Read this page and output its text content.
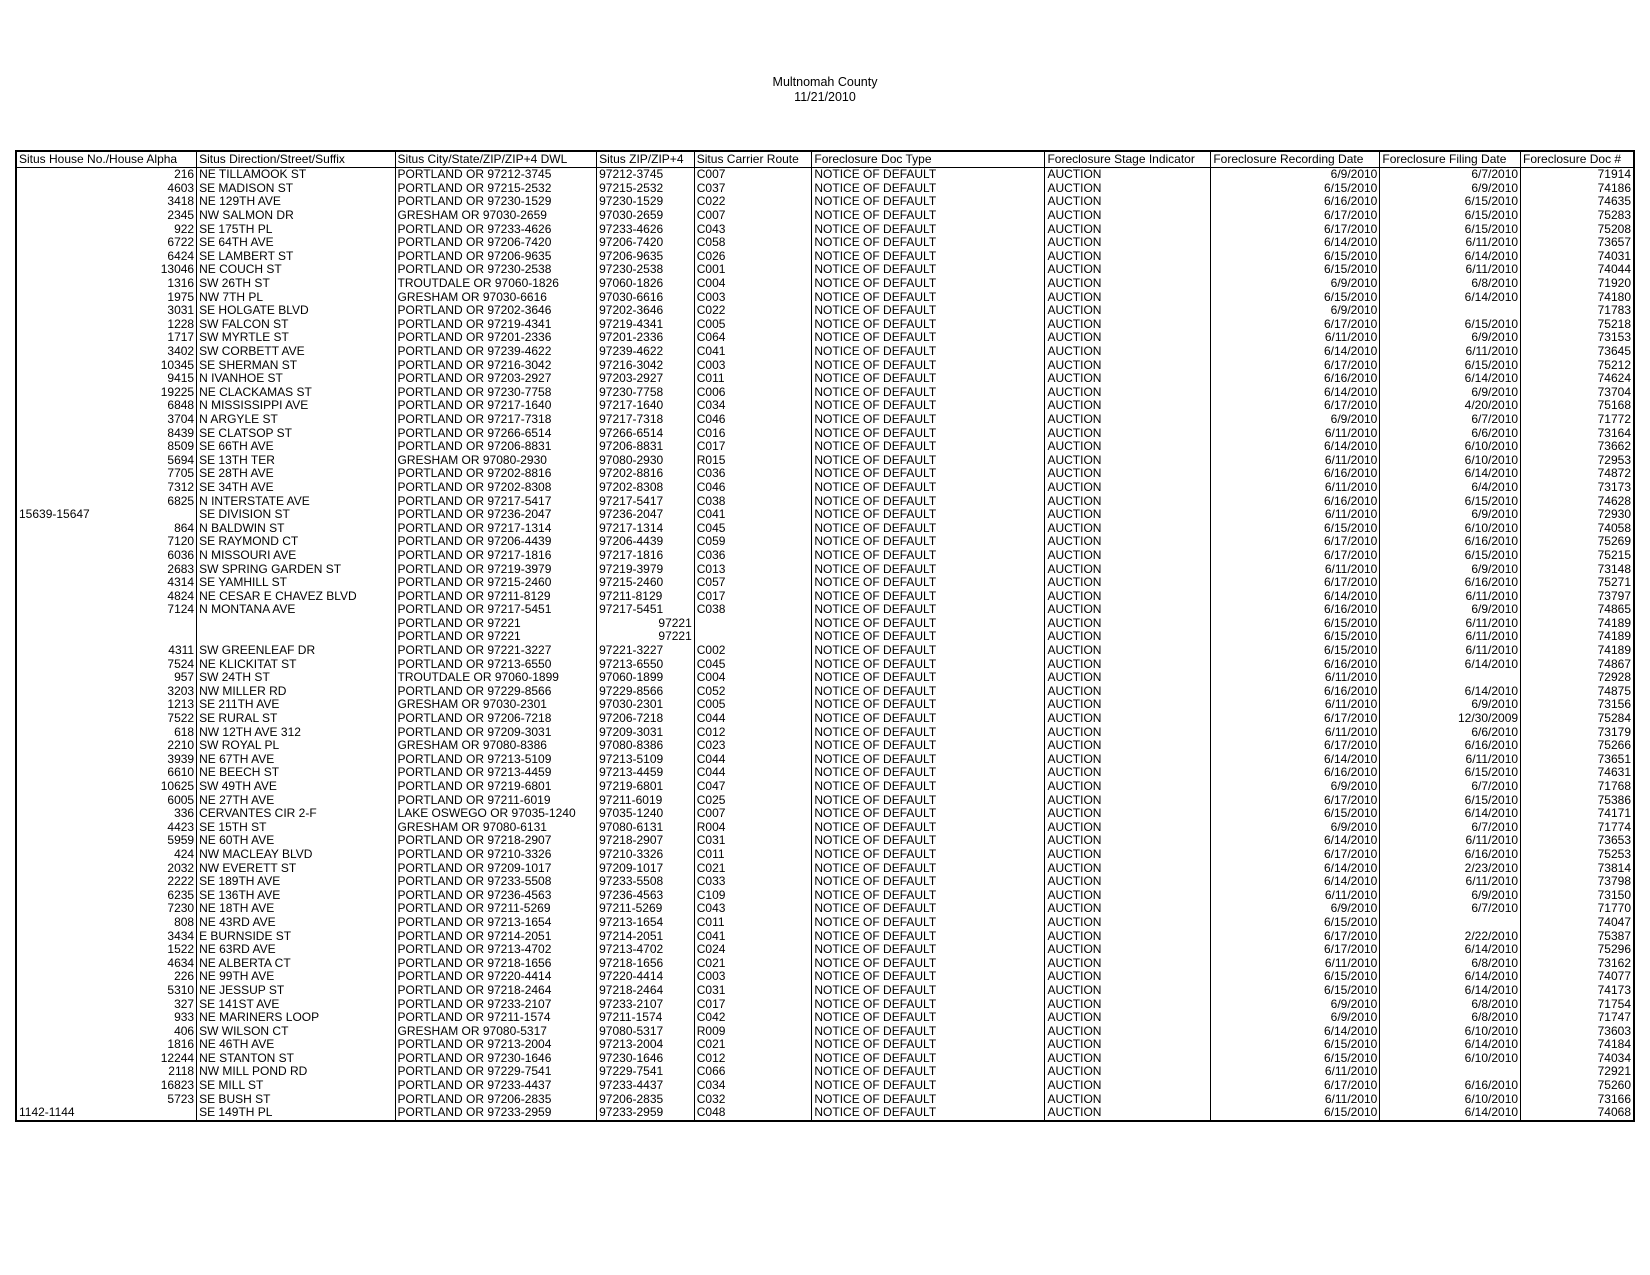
Multnomah County
11/21/2010
Situs House No./House Alpha	Situs Direction/Street/Suffix	Situs City/State/ZIP/ZIP+4 DWL	Situs ZIP/ZIP+4	Situs Carrier Route	Foreclosure Doc Type	Foreclosure Stage Indicator	Foreclosure Recording Date	Foreclosure Filing Date	Foreclosure Doc #
216	NE TILLAMOOK ST	PORTLAND OR 97212-3745	97212-3745	C007	NOTICE OF DEFAULT	AUCTION	6/9/2010	6/7/2010	71914
4603	SE MADISON ST	PORTLAND OR 97215-2532	97215-2532	C037	NOTICE OF DEFAULT	AUCTION	6/15/2010	6/9/2010	74186
3418	NE 129TH AVE	PORTLAND OR 97230-1529	97230-1529	C022	NOTICE OF DEFAULT	AUCTION	6/16/2010	6/15/2010	74635
2345	NW SALMON DR	GRESHAM OR 97030-2659	97030-2659	C007	NOTICE OF DEFAULT	AUCTION	6/17/2010	6/15/2010	75283
922	SE 175TH PL	PORTLAND OR 97233-4626	97233-4626	C043	NOTICE OF DEFAULT	AUCTION	6/17/2010	6/15/2010	75208
6722	SE 64TH AVE	PORTLAND OR 97206-7420	97206-7420	C058	NOTICE OF DEFAULT	AUCTION	6/14/2010	6/11/2010	73657
6424	SE LAMBERT ST	PORTLAND OR 97206-9635	97206-9635	C026	NOTICE OF DEFAULT	AUCTION	6/15/2010	6/14/2010	74031
13046	NE COUCH ST	PORTLAND OR 97230-2538	97230-2538	C001	NOTICE OF DEFAULT	AUCTION	6/15/2010	6/11/2010	74044
1316	SW 26TH ST	TROUTDALE OR 97060-1826	97060-1826	C004	NOTICE OF DEFAULT	AUCTION	6/9/2010	6/8/2010	71920
1975	NW 7TH PL	GRESHAM OR 97030-6616	97030-6616	C003	NOTICE OF DEFAULT	AUCTION	6/15/2010	6/14/2010	74180
3031	SE HOLGATE BLVD	PORTLAND OR 97202-3646	97202-3646	C022	NOTICE OF DEFAULT	AUCTION	6/9/2010		71783
1228	SW FALCON ST	PORTLAND OR 97219-4341	97219-4341	C005	NOTICE OF DEFAULT	AUCTION	6/17/2010	6/15/2010	75218
1717	SW MYRTLE ST	PORTLAND OR 97201-2336	97201-2336	C064	NOTICE OF DEFAULT	AUCTION	6/11/2010	6/9/2010	73153
3402	SW CORBETT AVE	PORTLAND OR 97239-4622	97239-4622	C041	NOTICE OF DEFAULT	AUCTION	6/14/2010	6/11/2010	73645
10345	SE SHERMAN ST	PORTLAND OR 97216-3042	97216-3042	C003	NOTICE OF DEFAULT	AUCTION	6/17/2010	6/15/2010	75212
9415	N IVANHOE ST	PORTLAND OR 97203-2927	97203-2927	C011	NOTICE OF DEFAULT	AUCTION	6/16/2010	6/14/2010	74624
19225	NE CLACKAMAS ST	PORTLAND OR 97230-7758	97230-7758	C006	NOTICE OF DEFAULT	AUCTION	6/14/2010	6/9/2010	73704
6848	N MISSISSIPPI AVE	PORTLAND OR 97217-1640	97217-1640	C034	NOTICE OF DEFAULT	AUCTION	6/17/2010	4/20/2010	75168
3704	N ARGYLE ST	PORTLAND OR 97217-7318	97217-7318	C046	NOTICE OF DEFAULT	AUCTION	6/9/2010	6/7/2010	71772
8439	SE CLATSOP ST	PORTLAND OR 97266-6514	97266-6514	C016	NOTICE OF DEFAULT	AUCTION	6/11/2010	6/6/2010	73164
8509	SE 66TH AVE	PORTLAND OR 97206-8831	97206-8831	C017	NOTICE OF DEFAULT	AUCTION	6/14/2010	6/10/2010	73662
5694	SE 13TH TER	GRESHAM OR 97080-2930	97080-2930	R015	NOTICE OF DEFAULT	AUCTION	6/11/2010	6/10/2010	72953
7705	SE 28TH AVE	PORTLAND OR 97202-8816	97202-8816	C036	NOTICE OF DEFAULT	AUCTION	6/16/2010	6/14/2010	74872
7312	SE 34TH AVE	PORTLAND OR 97202-8308	97202-8308	C046	NOTICE OF DEFAULT	AUCTION	6/11/2010	6/4/2010	73173
6825	N INTERSTATE AVE	PORTLAND OR 97217-5417	97217-5417	C038	NOTICE OF DEFAULT	AUCTION	6/16/2010	6/15/2010	74628
15639-15647	SE DIVISION ST	PORTLAND OR 97236-2047	97236-2047	C041	NOTICE OF DEFAULT	AUCTION	6/11/2010	6/9/2010	72930
864	N BALDWIN ST	PORTLAND OR 97217-1314	97217-1314	C045	NOTICE OF DEFAULT	AUCTION	6/15/2010	6/10/2010	74058
7120	SE RAYMOND CT	PORTLAND OR 97206-4439	97206-4439	C059	NOTICE OF DEFAULT	AUCTION	6/17/2010	6/16/2010	75269
6036	N MISSOURI AVE	PORTLAND OR 97217-1816	97217-1816	C036	NOTICE OF DEFAULT	AUCTION	6/17/2010	6/15/2010	75215
2683	SW SPRING GARDEN ST	PORTLAND OR 97219-3979	97219-3979	C013	NOTICE OF DEFAULT	AUCTION	6/11/2010	6/9/2010	73148
4314	SE YAMHILL ST	PORTLAND OR 97215-2460	97215-2460	C057	NOTICE OF DEFAULT	AUCTION	6/17/2010	6/16/2010	75271
4824	NE CESAR E CHAVEZ BLVD	PORTLAND OR 97211-8129	97211-8129	C017	NOTICE OF DEFAULT	AUCTION	6/14/2010	6/11/2010	73797
7124	N MONTANA AVE	PORTLAND OR 97217-5451	97217-5451	C038	NOTICE OF DEFAULT	AUCTION	6/16/2010	6/9/2010	74865
		PORTLAND OR 97221	97221		NOTICE OF DEFAULT	AUCTION	6/15/2010	6/11/2010	74189
		PORTLAND OR 97221	97221		NOTICE OF DEFAULT	AUCTION	6/15/2010	6/11/2010	74189
4311	SW GREENLEAF DR	PORTLAND OR 97221-3227	97221-3227	C002	NOTICE OF DEFAULT	AUCTION	6/15/2010	6/11/2010	74189
7524	NE KLICKITAT ST	PORTLAND OR 97213-6550	97213-6550	C045	NOTICE OF DEFAULT	AUCTION	6/16/2010	6/14/2010	74867
957	SW 24TH ST	TROUTDALE OR 97060-1899	97060-1899	C004	NOTICE OF DEFAULT	AUCTION	6/11/2010		72928
3203	NW MILLER RD	PORTLAND OR 97229-8566	97229-8566	C052	NOTICE OF DEFAULT	AUCTION	6/16/2010	6/14/2010	74875
1213	SE 211TH AVE	GRESHAM OR 97030-2301	97030-2301	C005	NOTICE OF DEFAULT	AUCTION	6/11/2010	6/9/2010	73156
7522	SE RURAL ST	PORTLAND OR 97206-7218	97206-7218	C044	NOTICE OF DEFAULT	AUCTION	6/17/2010	12/30/2009	75284
618	NW 12TH AVE 312	PORTLAND OR 97209-3031	97209-3031	C012	NOTICE OF DEFAULT	AUCTION	6/11/2010	6/6/2010	73179
2210	SW ROYAL PL	GRESHAM OR 97080-8386	97080-8386	C023	NOTICE OF DEFAULT	AUCTION	6/17/2010	6/16/2010	75266
3939	NE 67TH AVE	PORTLAND OR 97213-5109	97213-5109	C044	NOTICE OF DEFAULT	AUCTION	6/14/2010	6/11/2010	73651
6610	NE BEECH ST	PORTLAND OR 97213-4459	97213-4459	C044	NOTICE OF DEFAULT	AUCTION	6/16/2010	6/15/2010	74631
10625	SW 49TH AVE	PORTLAND OR 97219-6801	97219-6801	C047	NOTICE OF DEFAULT	AUCTION	6/9/2010	6/7/2010	71768
6005	NE 27TH AVE	PORTLAND OR 97211-6019	97211-6019	C025	NOTICE OF DEFAULT	AUCTION	6/17/2010	6/15/2010	75386
336	CERVANTES CIR 2-F	LAKE OSWEGO OR 97035-1240	97035-1240	C007	NOTICE OF DEFAULT	AUCTION	6/15/2010	6/14/2010	74171
4423	SE 15TH ST	GRESHAM OR 97080-6131	97080-6131	R004	NOTICE OF DEFAULT	AUCTION	6/9/2010	6/7/2010	71774
5959	NE 60TH AVE	PORTLAND OR 97218-2907	97218-2907	C031	NOTICE OF DEFAULT	AUCTION	6/14/2010	6/11/2010	73653
424	NW MACLEAY BLVD	PORTLAND OR 97210-3326	97210-3326	C011	NOTICE OF DEFAULT	AUCTION	6/17/2010	6/16/2010	75253
2032	NW EVERETT ST	PORTLAND OR 97209-1017	97209-1017	C021	NOTICE OF DEFAULT	AUCTION	6/14/2010	2/23/2010	73814
2222	SE 189TH AVE	PORTLAND OR 97233-5508	97233-5508	C033	NOTICE OF DEFAULT	AUCTION	6/14/2010	6/11/2010	73798
6235	SE 136TH AVE	PORTLAND OR 97236-4563	97236-4563	C109	NOTICE OF DEFAULT	AUCTION	6/11/2010	6/9/2010	73150
7230	NE 18TH AVE	PORTLAND OR 97211-5269	97211-5269	C043	NOTICE OF DEFAULT	AUCTION	6/9/2010	6/7/2010	71770
808	NE 43RD AVE	PORTLAND OR 97213-1654	97213-1654	C011	NOTICE OF DEFAULT	AUCTION	6/15/2010		74047
3434	E BURNSIDE ST	PORTLAND OR 97214-2051	97214-2051	C041	NOTICE OF DEFAULT	AUCTION	6/17/2010	2/22/2010	75387
1522	NE 63RD AVE	PORTLAND OR 97213-4702	97213-4702	C024	NOTICE OF DEFAULT	AUCTION	6/17/2010	6/14/2010	75296
4634	NE ALBERTA CT	PORTLAND OR 97218-1656	97218-1656	C021	NOTICE OF DEFAULT	AUCTION	6/11/2010	6/8/2010	73162
226	NE 99TH AVE	PORTLAND OR 97220-4414	97220-4414	C003	NOTICE OF DEFAULT	AUCTION	6/15/2010	6/14/2010	74077
5310	NE JESSUP ST	PORTLAND OR 97218-2464	97218-2464	C031	NOTICE OF DEFAULT	AUCTION	6/15/2010	6/14/2010	74173
327	SE 141ST AVE	PORTLAND OR 97233-2107	97233-2107	C017	NOTICE OF DEFAULT	AUCTION	6/9/2010	6/8/2010	71754
933	NE MARINERS LOOP	PORTLAND OR 97211-1574	97211-1574	C042	NOTICE OF DEFAULT	AUCTION	6/9/2010	6/8/2010	71747
406	SW WILSON CT	GRESHAM OR 97080-5317	97080-5317	R009	NOTICE OF DEFAULT	AUCTION	6/14/2010	6/10/2010	73603
1816	NE 46TH AVE	PORTLAND OR 97213-2004	97213-2004	C021	NOTICE OF DEFAULT	AUCTION	6/15/2010	6/14/2010	74184
12244	NE STANTON ST	PORTLAND OR 97230-1646	97230-1646	C012	NOTICE OF DEFAULT	AUCTION	6/15/2010	6/10/2010	74034
2118	NW MILL POND RD	PORTLAND OR 97229-7541	97229-7541	C066	NOTICE OF DEFAULT	AUCTION	6/11/2010		72921
16823	SE MILL ST	PORTLAND OR 97233-4437	97233-4437	C034	NOTICE OF DEFAULT	AUCTION	6/17/2010	6/16/2010	75260
5723	SE BUSH ST	PORTLAND OR 97206-2835	97206-2835	C032	NOTICE OF DEFAULT	AUCTION	6/11/2010	6/10/2010	73166
1142-1144	SE 149TH PL	PORTLAND OR 97233-2959	97233-2959	C048	NOTICE OF DEFAULT	AUCTION	6/15/2010	6/14/2010	74068
